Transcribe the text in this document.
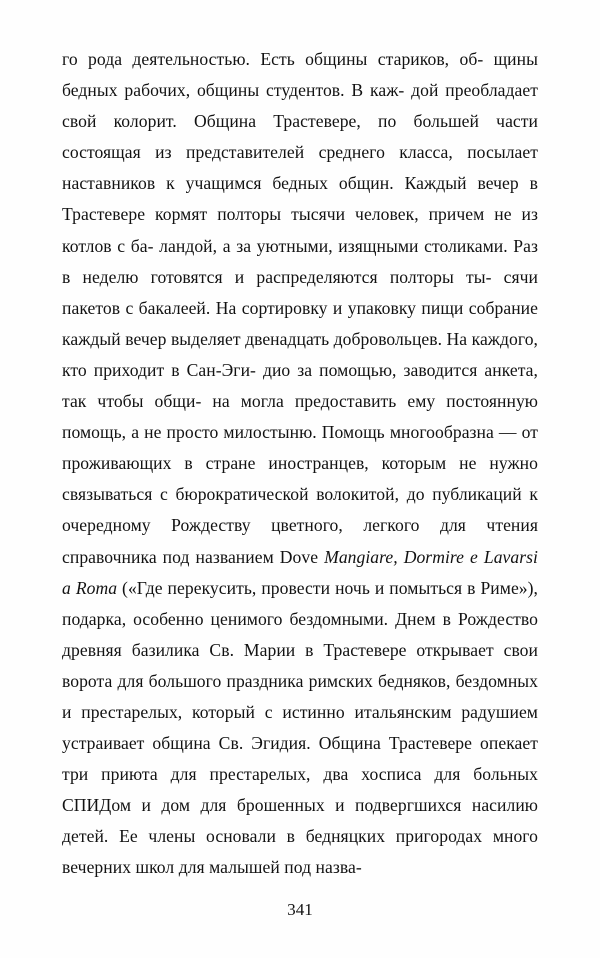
го рода деятельностью. Есть общины стариков, об- щины бедных рабочих, общины студентов. В каж- дой преобладает свой колорит. Община Трастевере, по большей части состоящая из представителей среднего класса, посылает наставников к учащимся бедных общин. Каждый вечер в Трастевере кормят полторы тысячи человек, причем не из котлов с ба- ландой, а за уютными, изящными столиками. Раз в неделю готовятся и распределяются полторы ты- сячи пакетов с бакалеей. На сортировку и упаковку пищи собрание каждый вечер выделяет двенадцать добровольцев. На каждого, кто приходит в Сан-Эги- дио за помощью, заводится анкета, так чтобы общи- на могла предоставить ему постоянную помощь, а не просто милостыню. Помощь многообразна — от проживающих в стране иностранцев, которым не нужно связываться с бюрократической волокитой, до публикаций к очередному Рождеству цветного, легкого для чтения справочника под названием Dove Mangiare, Dormire e Lavarsi a Roma («Где перекусить, провести ночь и помыться в Риме»), подарка, особенно ценимого бездомными. Днем в Рождество древняя базилика Св. Марии в Трастевере открывает свои ворота для большого праздника римских бедняков, бездомных и престарелых, который с истинно итальянским радушием устраивает община Св. Эгидия. Община Трастевере опекает три приюта для престарелых, два хосписа для больных СПИДом и дом для брошенных и подвергшихся насилию детей. Ее члены основали в бедняцких пригородах много вечерних школ для малышей под назва-

341
